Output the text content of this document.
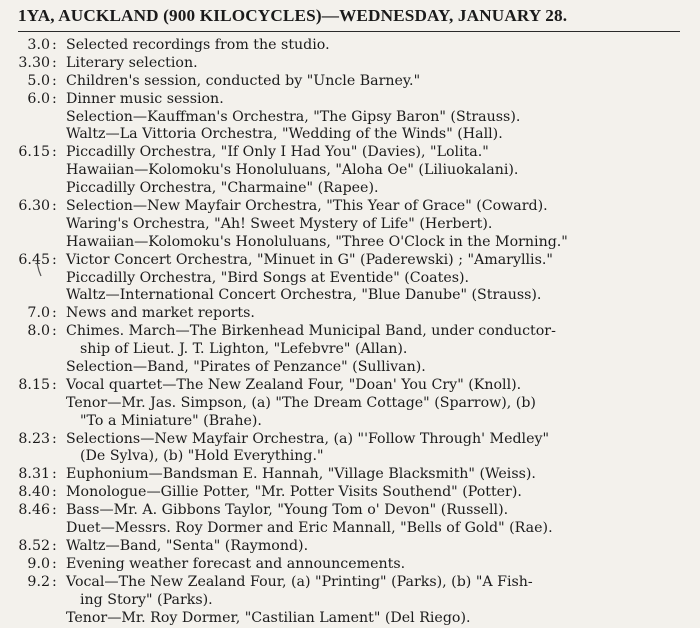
1YA, AUCKLAND (900 KILOCYCLES)—WEDNESDAY, JANUARY 28.
3.0 : Selected recordings from the studio.
3.30 : Literary selection.
5.0 : Children's session, conducted by "Uncle Barney."
6.0 : Dinner music session.
Selection—Kauffman's Orchestra, "The Gipsy Baron" (Strauss).
Waltz—La Vittoria Orchestra, "Wedding of the Winds" (Hall).
6.15 : Piccadilly Orchestra, "If Only I Had You" (Davies), "Lolita."
Hawaiian—Kolomoku's Honoluluans, "Aloha Oe" (Liliuokalani).
Piccadilly Orchestra, "Charmaine" (Rapee).
6.30 : Selection—New Mayfair Orchestra, "This Year of Grace" (Coward).
Waring's Orchestra, "Ah! Sweet Mystery of Life" (Herbert).
Hawaiian—Kolomoku's Honoluluans, "Three O'Clock in the Morning."
6.45 : Victor Concert Orchestra, "Minuet in G" (Paderewski) ; "Amaryllis."
Piccadilly Orchestra, "Bird Songs at Eventide" (Coates).
Waltz—International Concert Orchestra, "Blue Danube" (Strauss).
7.0 : News and market reports.
8.0 : Chimes. March—The Birkenhead Municipal Band, under conductor-
ship of Lieut. J. T. Lighton, "Lefebvre" (Allan).
Selection—Band, "Pirates of Penzance" (Sullivan).
8.15 : Vocal quartet—The New Zealand Four, "Doan' You Cry" (Knoll).
Tenor—Mr. Jas. Simpson, (a) "The Dream Cottage" (Sparrow), (b)
"To a Miniature" (Brahe).
8.23 : Selections—New Mayfair Orchestra, (a) "'Follow Through' Medley"
(De Sylva), (b) "Hold Everything."
8.31 : Euphonium—Bandsman E. Hannah, "Village Blacksmith" (Weiss).
8.40 : Monologue—Gillie Potter, "Mr. Potter Visits Southend" (Potter).
8.46 : Bass—Mr. A. Gibbons Taylor, "Young Tom o' Devon" (Russell).
Duet—Messrs. Roy Dormer and Eric Mannall, "Bells of Gold" (Rae).
8.52 : Waltz—Band, "Senta" (Raymond).
9.0 : Evening weather forecast and announcements.
9.2 : Vocal—The New Zealand Four, (a) "Printing" (Parks), (b) "A Fish-
ing Story" (Parks).
Tenor—Mr. Roy Dormer, "Castilian Lament" (Del Riego).
